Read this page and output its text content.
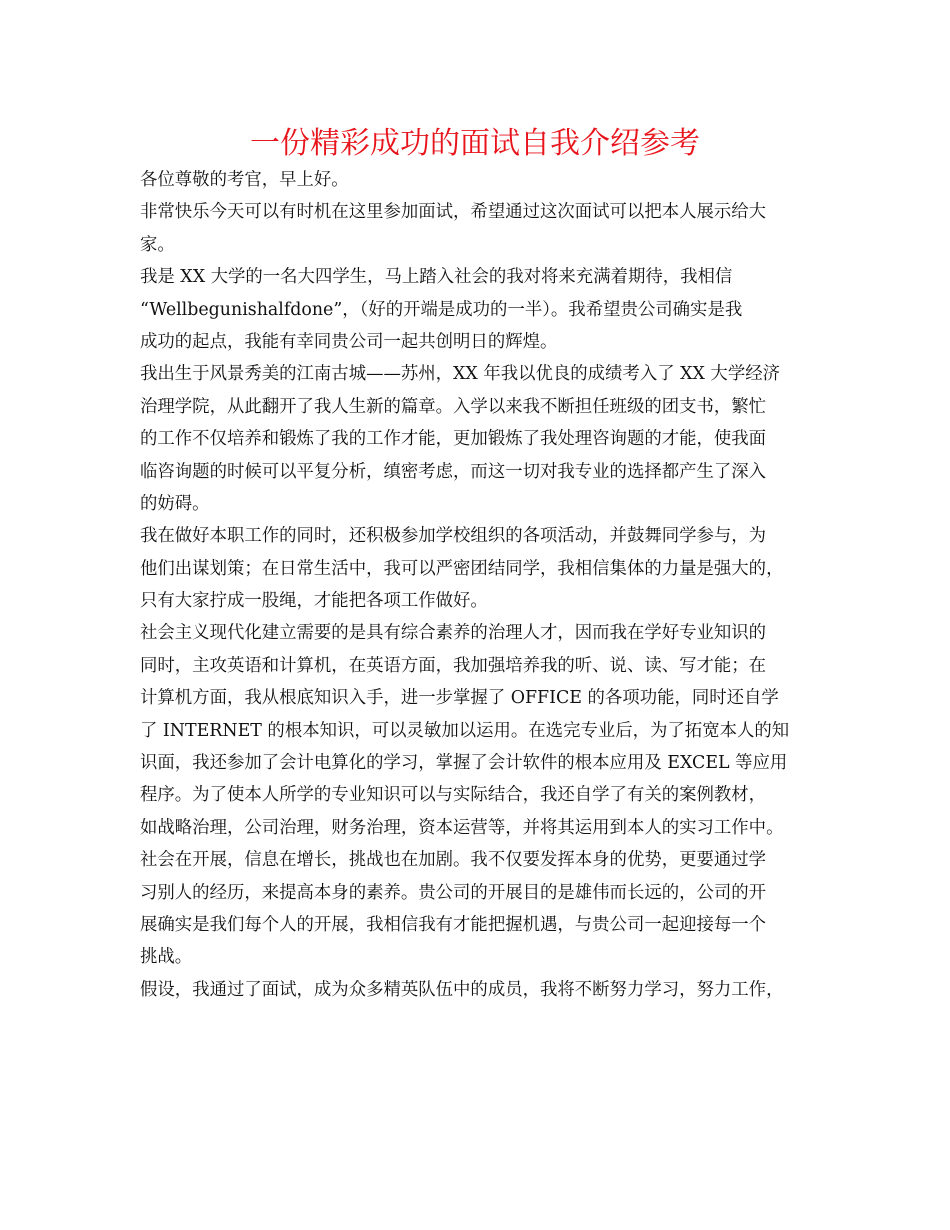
一份精彩成功的面试自我介绍参考
各位尊敬的考官，早上好。
非常快乐今天可以有时机在这里参加面试，希望通过这次面试可以把本人展示给大
家。
我是 XX 大学的一名大四学生，马上踏入社会的我对将来充满着期待，我相信
“Wellbegunishalfdone”，（好的开端是成功的一半）。我希望贵公司确实是我
成功的起点，我能有幸同贵公司一起共创明日的辉煌。
我出生于风景秀美的江南古城——苏州，XX 年我以优良的成绩考入了 XX 大学经济
治理学院，从此翻开了我人生新的篇章。入学以来我不断担任班级的团支书，繁忙
的工作不仅培养和锻炼了我的工作才能，更加锻炼了我处理咨询题的才能，使我面
临咨询题的时候可以平复分析，缜密考虑，而这一切对我专业的选择都产生了深入
的妨碍。
我在做好本职工作的同时，还积极参加学校组织的各项活动，并鼓舞同学参与，为
他们出谋划策；在日常生活中，我可以严密团结同学，我相信集体的力量是强大的，
只有大家拧成一股绳，才能把各项工作做好。
社会主义现代化建立需要的是具有综合素养的治理人才，因而我在学好专业知识的
同时，主攻英语和计算机，在英语方面，我加强培养我的听、说、读、写才能；在
计算机方面，我从根底知识入手，进一步掌握了 OFFICE 的各项功能，同时还自学
了 INTERNET 的根本知识，可以灵敏加以运用。在选完专业后，为了拓宽本人的知
识面，我还参加了会计电算化的学习，掌握了会计软件的根本应用及 EXCEL 等应用
程序。为了使本人所学的专业知识可以与实际结合，我还自学了有关的案例教材，
如战略治理，公司治理，财务治理，资本运营等，并将其运用到本人的实习工作中。
社会在开展，信息在增长，挑战也在加剧。我不仅要发挥本身的优势，更要通过学
习别人的经历，来提高本身的素养。贵公司的开展目的是雄伟而长远的，公司的开
展确实是我们每个人的开展，我相信我有才能把握机遇，与贵公司一起迎接每一个
挑战。
假设，我通过了面试，成为众多精英队伍中的成员，我将不断努力学习，努力工作，
